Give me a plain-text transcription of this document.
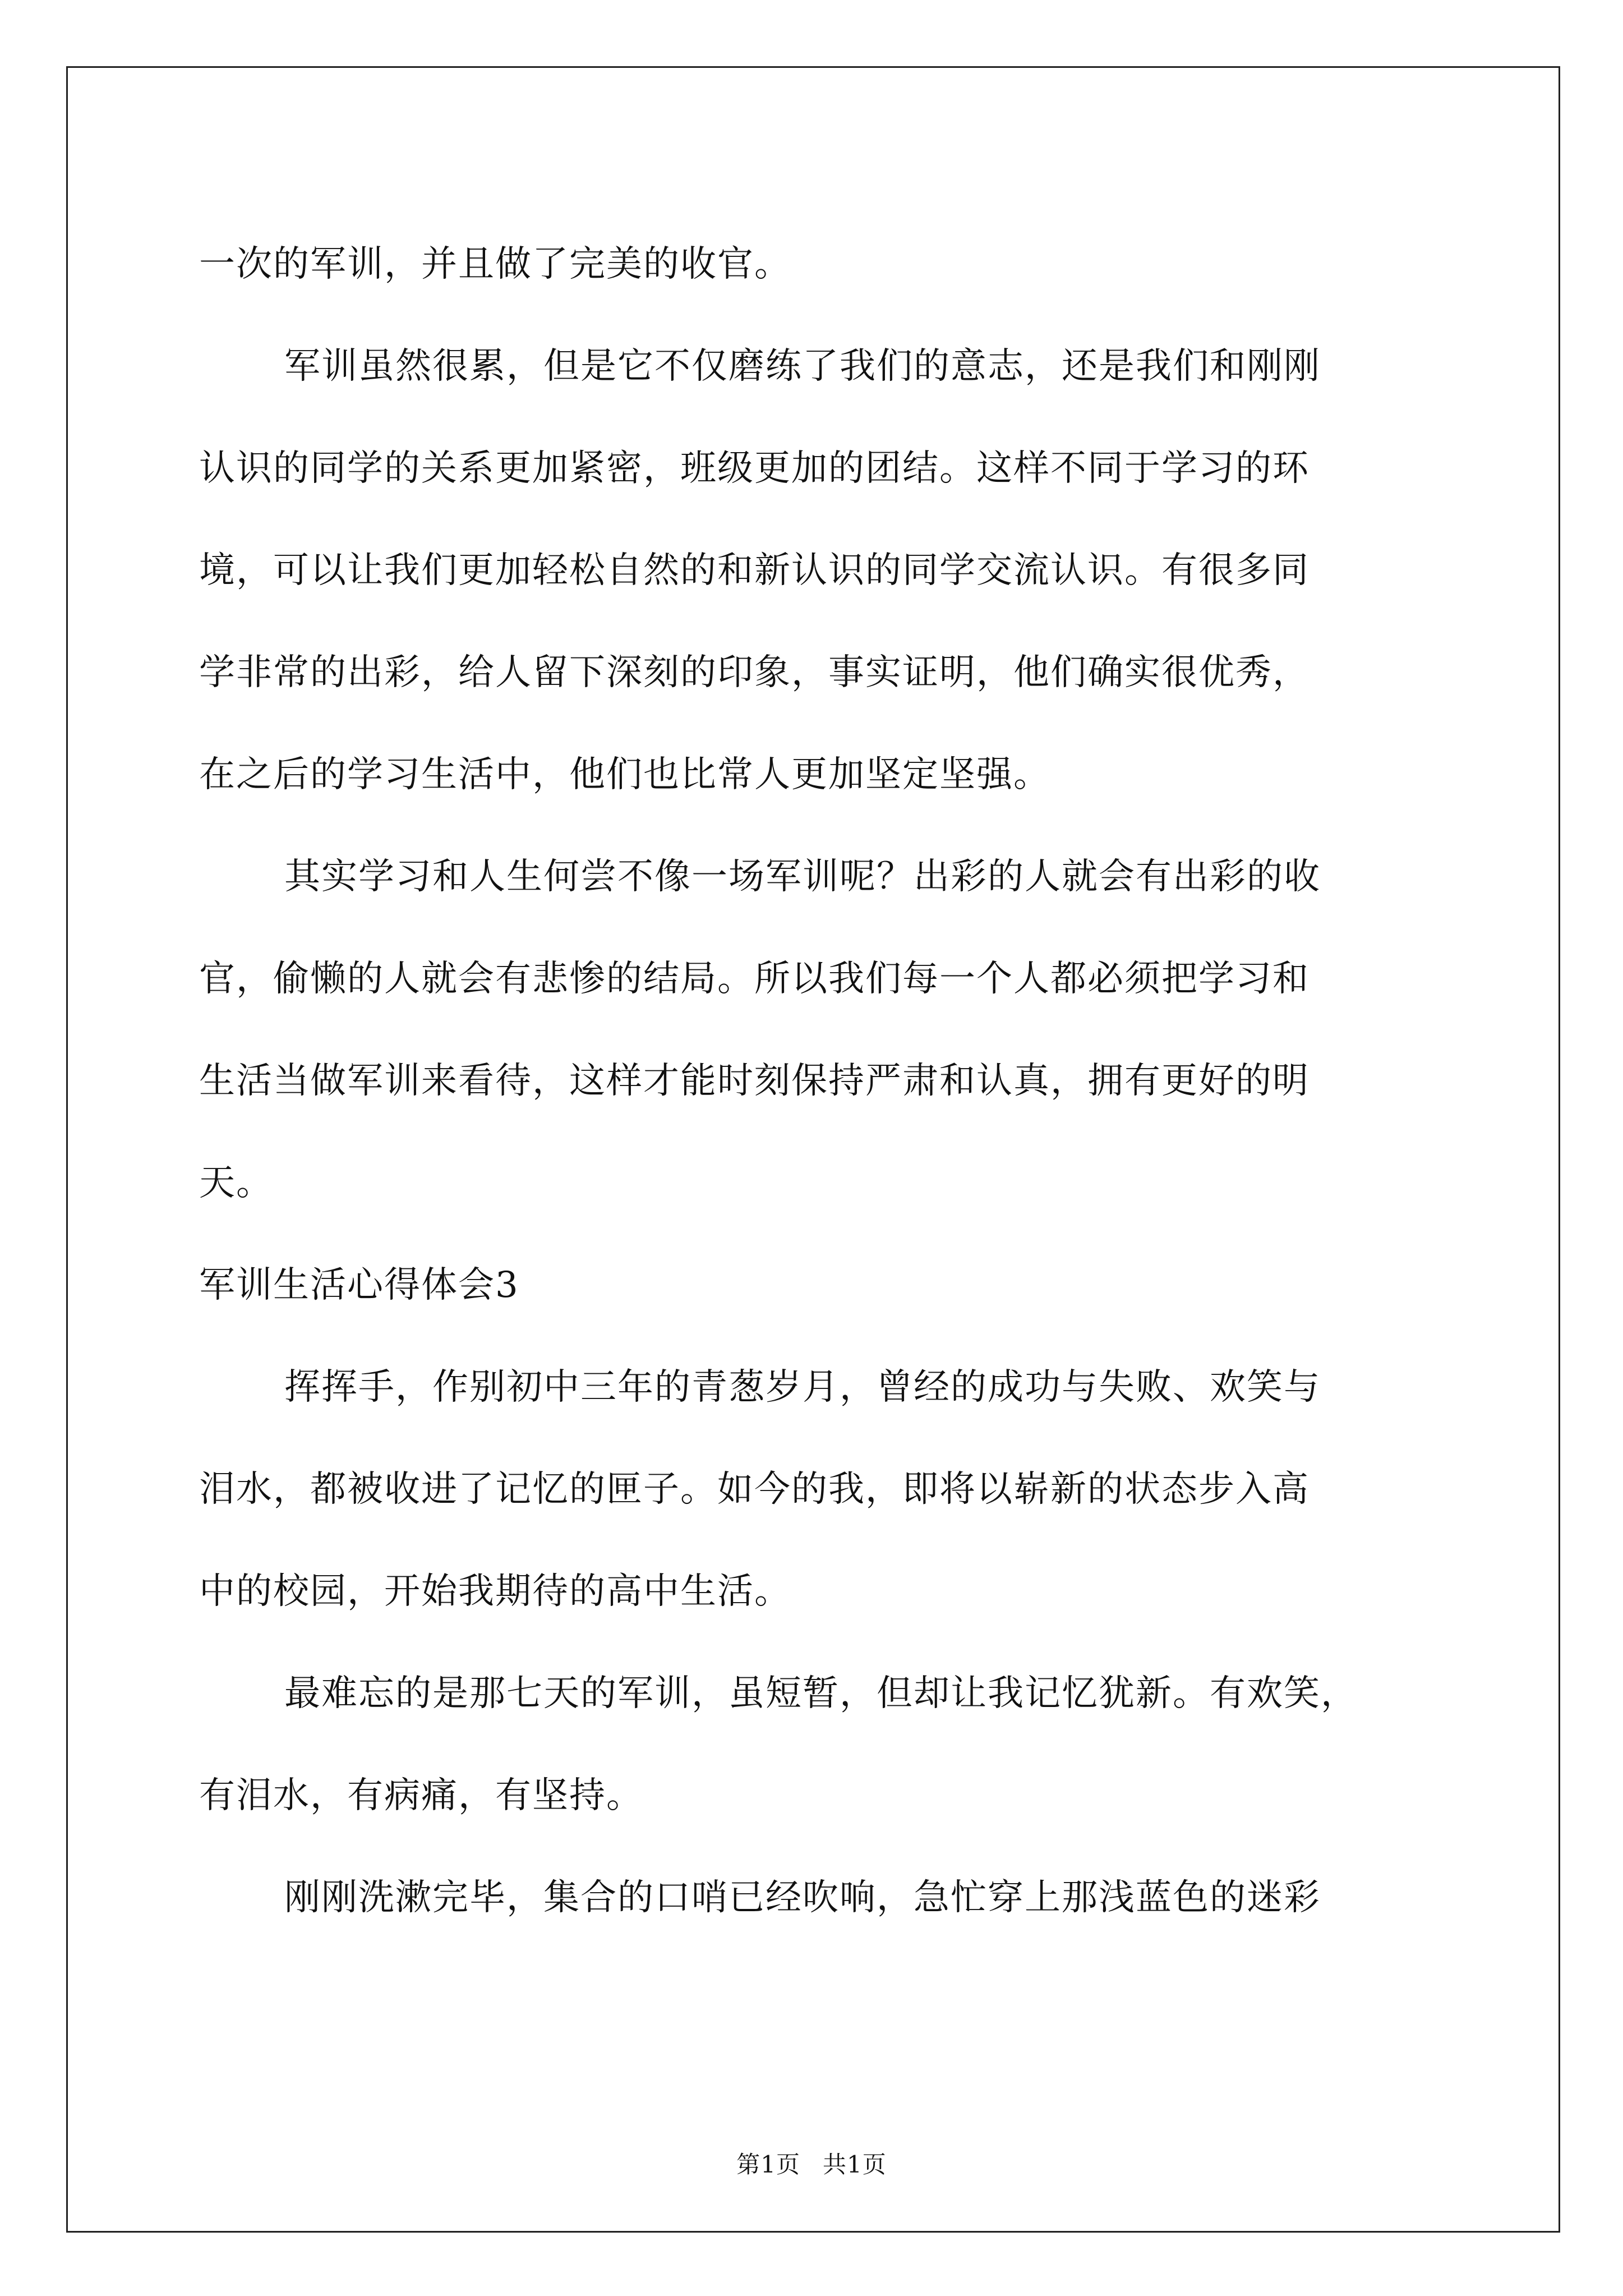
一次的军训，并且做了完美的收官。
军训虽然很累，但是它不仅磨练了我们的意志，还是我们和刚刚
认识的同学的关系更加紧密，班级更加的团结。这样不同于学习的环
境，可以让我们更加轻松自然的和新认识的同学交流认识。有很多同
学非常的出彩，给人留下深刻的印象，事实证明，他们确实很优秀，
在之后的学习生活中，他们也比常人更加坚定坚强。
其实学习和人生何尝不像一场军训呢？出彩的人就会有出彩的收
官，偷懒的人就会有悲惨的结局。所以我们每一个人都必须把学习和
生活当做军训来看待，这样才能时刻保持严肃和认真，拥有更好的明
天。
军训生活心得体会3
挥挥手，作别初中三年的青葱岁月，曾经的成功与失败、欢笑与
泪水，都被收进了记忆的匣子。如今的我，即将以崭新的状态步入高
中的校园，开始我期待的高中生活。
最难忘的是那七天的军训，虽短暂，但却让我记忆犹新。有欢笑，
有泪水，有病痛，有坚持。
刚刚洗漱完毕，集合的口哨已经吹响，急忙穿上那浅蓝色的迷彩
第1页 共1页
